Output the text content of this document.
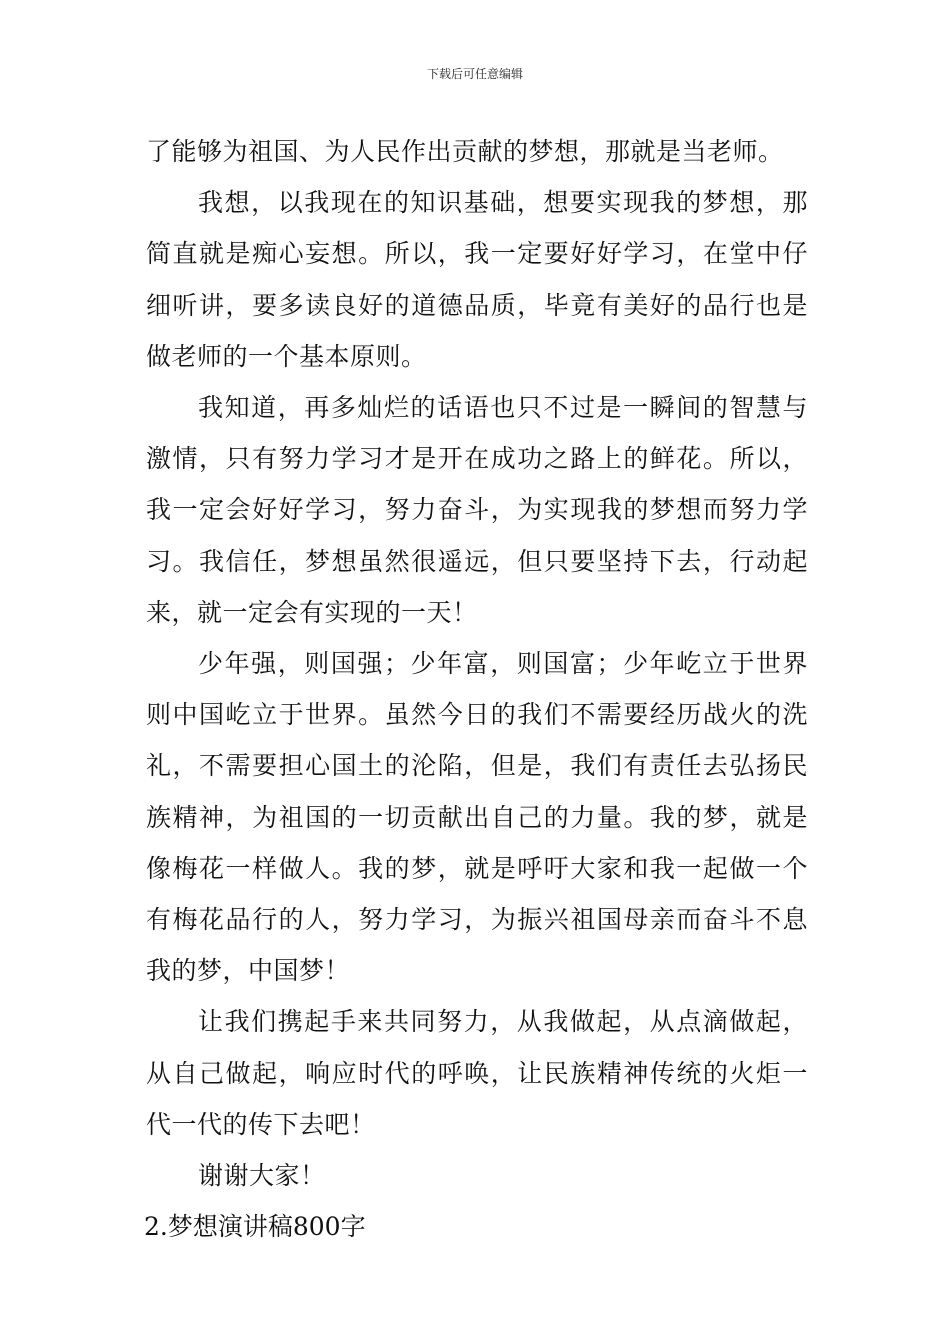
下载后可任意编辑

了能够为祖国、为人民作出贡献的梦想，那就是当老师。

我想，以我现在的知识基础，想要实现我的梦想，那简直就是痴心妄想。所以，我一定要好好学习，在堂中仔细听讲，要多读良好的道德品质，毕竟有美好的品行也是做老师的一个基本原则。

我知道，再多灿烂的话语也只不过是一瞬间的智慧与激情，只有努力学习才是开在成功之路上的鲜花。所以，我一定会好好学习，努力奋斗，为实现我的梦想而努力学习。我信任，梦想虽然很遥远，但只要坚持下去，行动起来，就一定会有实现的一天！

少年强，则国强；少年富，则国富；少年屹立于世界则中国屹立于世界。虽然今日的我们不需要经历战火的洗礼，不需要担心国土的沦陷，但是，我们有责任去弘扬民族精神，为祖国的一切贡献出自己的力量。我的梦，就是像梅花一样做人。我的梦，就是呼吁大家和我一起做一个有梅花品行的人，努力学习，为振兴祖国母亲而奋斗不息我的梦，中国梦！

让我们携起手来共同努力，从我做起，从点滴做起，从自己做起，响应时代的呼唤，让民族精神传统的火炬一代一代的传下去吧！

谢谢大家！

2.梦想演讲稿800字
